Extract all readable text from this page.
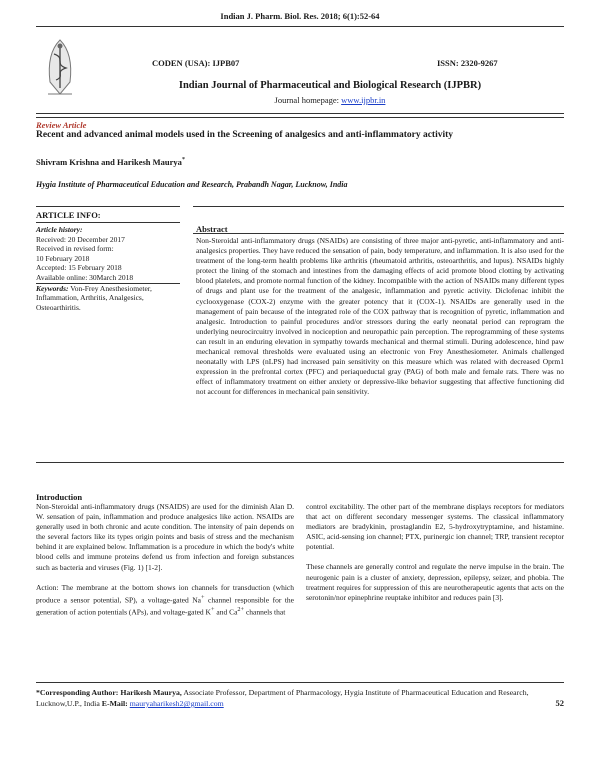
Indian J. Pharm. Biol. Res. 2018; 6(1):52-64
CODEN (USA): IJPB07	ISSN: 2320-9267
Indian Journal of Pharmaceutical and Biological Research (IJPBR)
Journal homepage: www.ijpbr.in
Review Article
Recent and advanced animal models used in the Screening of analgesics and anti-inflammatory activity
Shivram Krishna and Harikesh Maurya*
Hygia Institute of Pharmaceutical Education and Research, Prabandh Nagar, Lucknow, India
ARTICLE INFO:
Article history:
Received: 20 December 2017
Received in revised form:
10 February 2018
Accepted: 15 February 2018
Available online: 30March 2018
Keywords: Von-Frey Anesthesiometer, Inflammation, Arthritis, Analgesics, Osteoarthiritis.
Abstract
Non-Steroidal anti-inflammatory drugs (NSAIDs) are consisting of three major anti-pyretic, anti-inflammatory and anti-analgesics properties. They have reduced the sensation of pain, body temperature, and inflammation. It is also used for the treatment of the long-term health problems like arthritis (rheumatoid arthritis, osteoarthritis, and lupus). NSAIDs highly protect the lining of the stomach and intestines from the damaging effects of acid promote blood clotting by activating blood platelets, and promote normal function of the kidney. Incompatible with the action of NSAIDs many different types of drugs and plant use for the treatment of the analgesic, inflammation and pyretic activity. Diclofenac inhibit the cyclooxygenase (COX-2) enzyme with the greater potency that it (COX-1). NSAIDs are generally used in the management of pain because of the integrated role of the COX pathway that is recognition of pyretic, inflammation and analgesic. Introduction to painful procedures and/or stressors during the early neonatal period can reprogram the underlying neurocircuitry involved in nociception and neuropathic pain perception. The reprogramming of these systems can result in an enduring elevation in sympathy towards mechanical and thermal stimuli. During adolescence, hind paw mechanical removal thresholds were evaluated using an electronic von Frey Anesthesiometer. Animals challenged neonatally with LPS (nLPS) had increased pain sensitivity on this measure which was related with decreased Oprm1 expression in the prefrontal cortex (PFC) and periaqueductal gray (PAG) of both male and female rats. There was no effect of inflammatory treatment on either anxiety or depressive-like behavior suggesting that affective functioning did not account for differences in mechanical pain sensitivity.
Introduction

Non-Steroidal anti-inflammatory drugs (NSAIDS) are used for the diminish Alan D. W. sensation of pain, inflammation and produce analgesics like action. NSAIDs are generally used in both chronic and acute condition. The intensity of pain depends on the several factors like its types origin points and basis of stress and the mechanism behind it are explained below. Inflammation is a procedure in which the body's white blood cells and immune proteins defend us from infection and foreign substances such as bacteria and viruses (Fig. 1) [1-2].

Action: The membrane at the bottom shows ion channels for transduction (which produce a sensor potential, SP), a voltage-gated Na+ channel responsible for the generation of action potentials (APs), and voltage-gated K+ and $Ca^{2+}$ channels that

control excitability. The other part of the membrane displays receptors for mediators that act on different secondary messenger systems. The classical inflammatory mediators are bradykinin, prostaglandin E2, 5-hydroxytryptamine, and histamine. ASIC, acid-sensing ion channel; PTX, purinergic ion channel; TRP, transient receptor potential.

These channels are generally control and regulate the nerve impulse in the brain. The neurogenic pain is a cluster of anxiety, depression, epilepsy, seizer, and phobia. The treatment requires for suppression of this are neurotherapeutic agents that acts on the serotonin/nor epinephrine reuptake inhibitor and reduces pain [3].

*Corresponding Author: Harikesh Maurya, Associate Professor, Department of Pharmacology, Hygia Institute of Pharmaceutical Education and Research, Lucknow,U.P., India E-Mail: mauryaharikesh2@gmail.com	52
